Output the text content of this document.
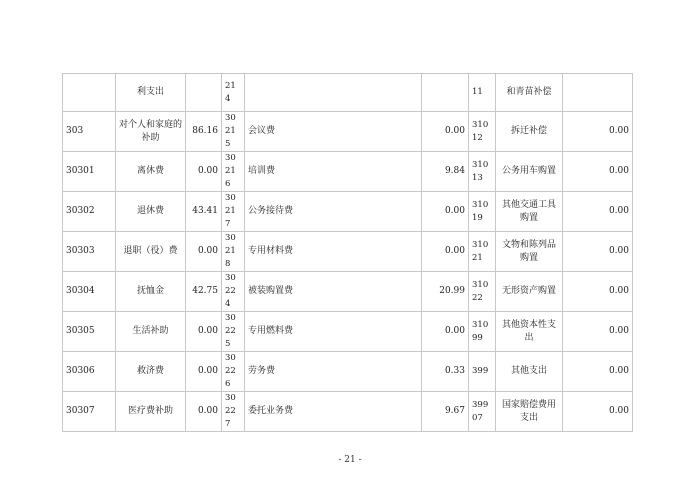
	利支出		214			11	和青苗补偿	
303	对个人和家庭的补助	86.16	30215	会议费	0.00	31012	拆迁补偿	0.00
30301	离休费	0.00	30216	培训费	9.84	31013	公务用车购置	0.00
30302	退休费	43.41	30217	公务接待费	0.00	31019	其他交通工具购置	0.00
30303	退职（役）费	0.00	30218	专用材料费	0.00	31021	文物和陈列品购置	0.00
30304	抚恤金	42.75	30224	被装购置费	20.99	31022	无形资产购置	0.00
30305	生活补助	0.00	30225	专用燃料费	0.00	31099	其他资本性支出	0.00
30306	救济费	0.00	30226	劳务费	0.33	399	其他支出	0.00
30307	医疗费补助	0.00	30227	委托业务费	9.67	39907	国家赔偿费用支出	0.00
- 21 -
